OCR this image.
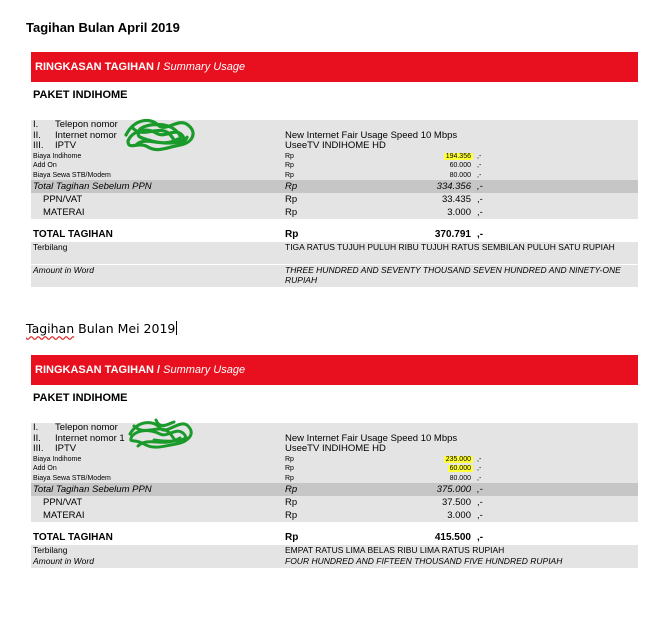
Tagihan Bulan April 2019
RINGKASAN TAGIHAN / Summary Usage
PAKET INDIHOME
I. Telepon nomor
II. Internet nomor	New Internet Fair Usage Speed 10 Mbps
III. IPTV	UseeTV INDIHOME HD
Biaya Indihome	Rp	194.356 ,-
Add On	Rp	60.000 ,-
Biaya Sewa STB/Modem	Rp	80.000 ,-
Total Tagihan Sebelum PPN	Rp	334.356 ,-
PPN/VAT	Rp	33.435 ,-
MATERAI	Rp	3.000 ,-
TOTAL TAGIHAN	Rp	370.791 ,-
Terbilang	TIGA RATUS TUJUH PULUH RIBU TUJUH RATUS SEMBILAN PULUH SATU RUPIAH
Amount in Word	THREE HUNDRED AND SEVENTY THOUSAND SEVEN HUNDRED AND NINETY-ONE RUPIAH
Tagihan Bulan Mei 2019
RINGKASAN TAGIHAN / Summary Usage
PAKET INDIHOME
I. Telepon nomor
II. Internet nomor 1	New Internet Fair Usage Speed 10 Mbps
III. IPTV	UseeTV INDIHOME HD
Biaya Indihome	Rp	235.000 ,-
Add On	Rp	60.000 ,-
Biaya Sewa STB/Modem	Rp	80.000 ,-
Total Tagihan Sebelum PPN	Rp	375.000 ,-
PPN/VAT	Rp	37.500 ,-
MATERAI	Rp	3.000 ,-
TOTAL TAGIHAN	Rp	415.500 ,-
Terbilang	EMPAT RATUS LIMA BELAS RIBU LIMA RATUS RUPIAH
Amount in Word	FOUR HUNDRED AND FIFTEEN THOUSAND FIVE HUNDRED RUPIAH
